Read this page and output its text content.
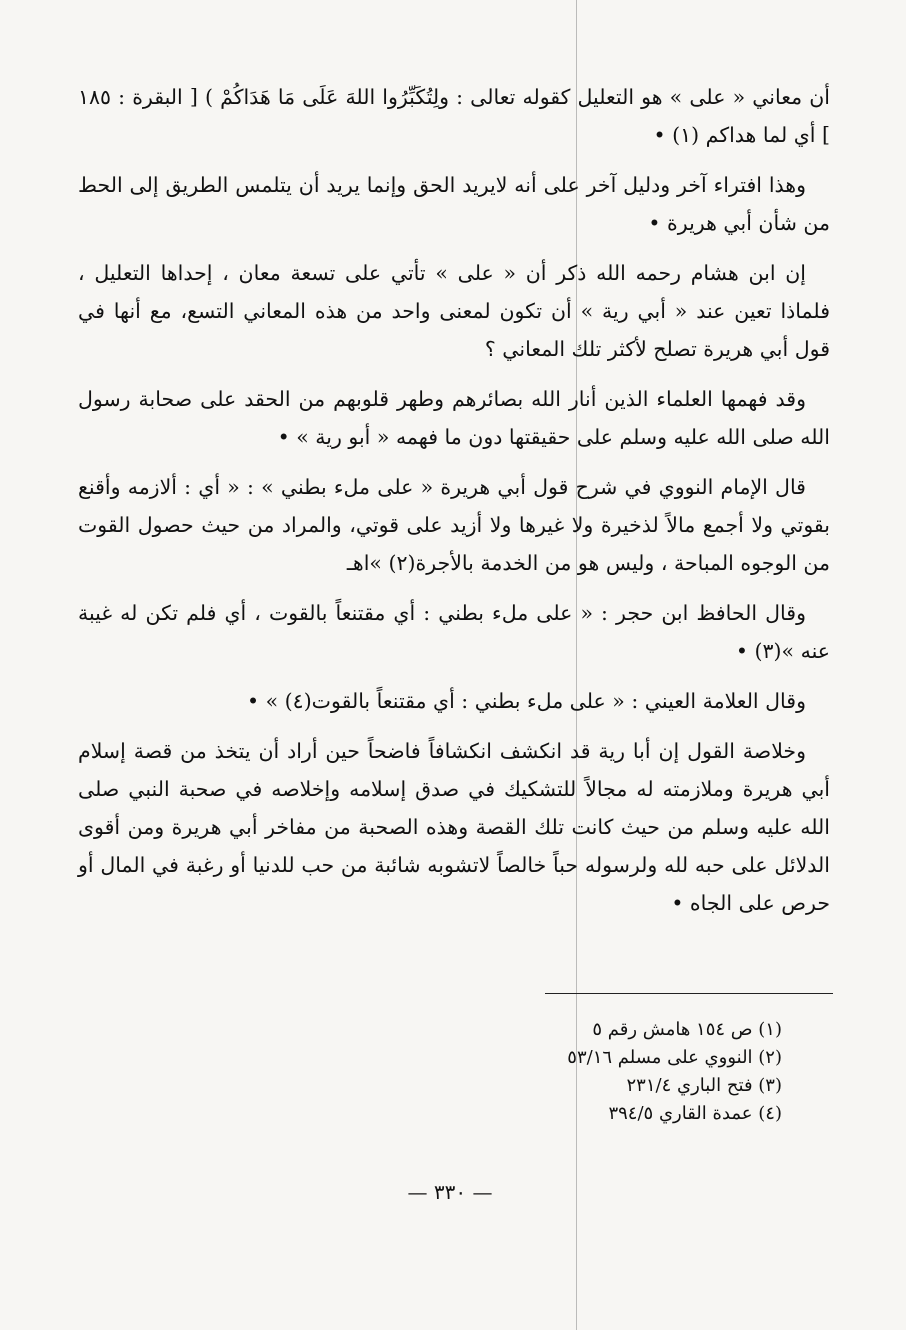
أن معاني « على » هو التعليل كقوله تعالى : ولِتُكَبِّرُوا اللهَ عَلَى مَا هَدَاكُمْ ) [ البقرة : ١٨٥ ] أي لما هداكم (١) •

وهذا افتراء آخر ودليل آخر على أنه لايريد الحق وإنما يريد أن يتلمس الطريق إلى الحط من شأن أبي هريرة •

إن ابن هشام رحمه الله ذكر أن « على » تأتي على تسعة معان ، إحداها التعليل ، فلماذا تعين عند « أبي رية » أن تكون لمعنى واحد من هذه المعاني التسع، مع أنها في قول أبي هريرة تصلح لأكثر تلك المعاني ؟

وقد فهمها العلماء الذين أنار الله بصائرهم وطهر قلوبهم من الحقد على صحابة رسول الله صلى الله عليه وسلم على حقيقتها دون ما فهمه « أبو رية » •

قال الإمام النووي في شرح قول أبي هريرة « على ملء بطني » : « أي : ألازمه وأقنع بقوتي ولا أجمع مالاً لذخيرة ولا غيرها ولا أزيد على قوتي، والمراد من حيث حصول القوت من الوجوه المباحة ، وليس هو من الخدمة بالأجرة(٢) »اهـ

وقال الحافظ ابن حجر : « على ملء بطني : أي مقتنعاً بالقوت ، أي فلم تكن له غيبة عنه »(٣) •

وقال العلامة العيني : « على ملء بطني : أي مقتنعاً بالقوت(٤) » •

وخلاصة القول إن أبا رية قد انكشف انكشافاً فاضحاً حين أراد أن يتخذ من قصة إسلام أبي هريرة وملازمته له مجالاً للتشكيك في صدق إسلامه وإخلاصه في صحبة النبي صلى الله عليه وسلم من حيث كانت تلك القصة وهذه الصحبة من مفاخر أبي هريرة ومن أقوى الدلائل على حبه لله ولرسوله حباً خالصاً لاتشوبه شائبة من حب للدنيا أو رغبة في المال أو حرص على الجاه •

(١) ص ١٥٤ هامش رقم ٥

(٢) النووي على مسلم ٥٣/١٦

(٣) فتح الباري ٢٣١/٤

(٤) عمدة القاري ٣٩٤/٥

— ٣٣٠ —
